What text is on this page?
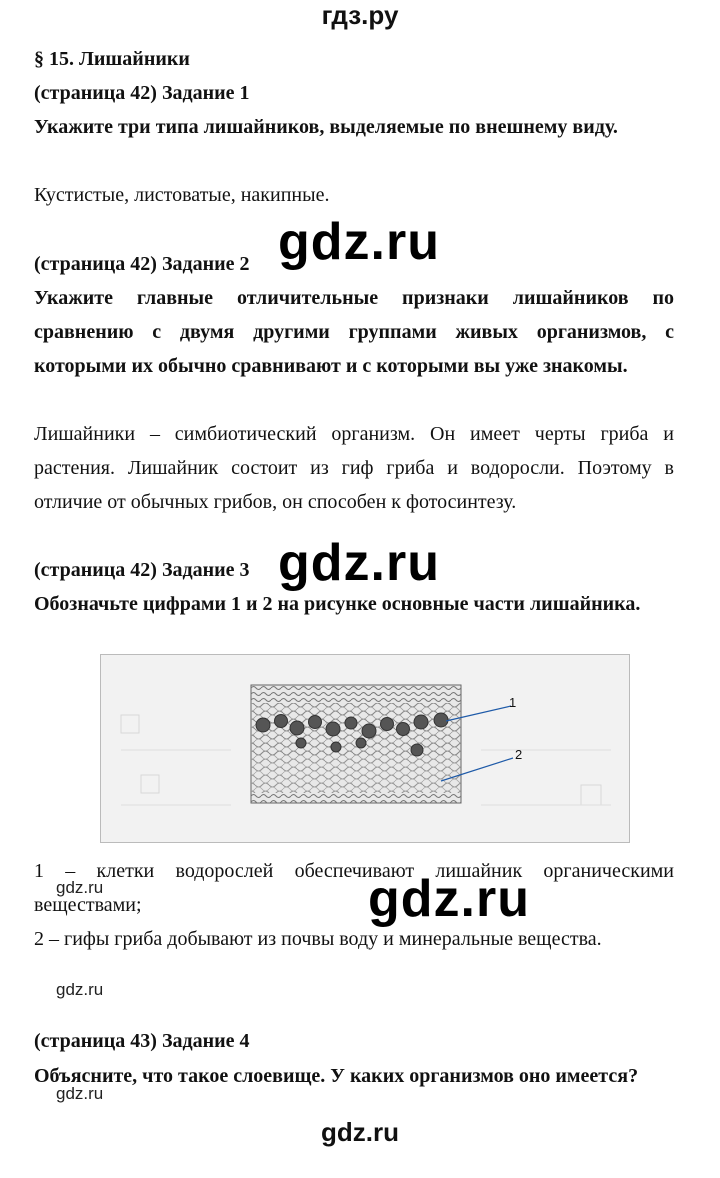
гдз.ру
§ 15. Лишайники
(страница 42) Задание 1
Укажите три типа лишайников, выделяемые по внешнему виду.
Кустистые, листоватые, накипные.
(страница 42) Задание 2
Укажите главные отличительные признаки лишайников по сравнению с двумя другими группами живых организмов, с которыми их обычно сравнивают и с которыми вы уже знакомы.
Лишайники – симбиотический организм. Он имеет черты гриба и растения. Лишайник состоит из гиф гриба и водоросли. Поэтому в отличие от обычных грибов, он способен к фотосинтезу.
(страница 42) Задание 3
Обозначьте цифрами 1 и 2 на рисунке основные части лишайника.
1 – клетки водорослей обеспечивают лишайник органическими веществами;
2 – гифы гриба добывают из почвы воду и минеральные вещества.
(страница 43) Задание 4
Объясните, что такое слоевище. У каких организмов оно имеется?
1
2
gdz.ru
gdz.ru
gdz.ru
gdz.ru
gdz.ru
gdz.ru
gdz.ru
